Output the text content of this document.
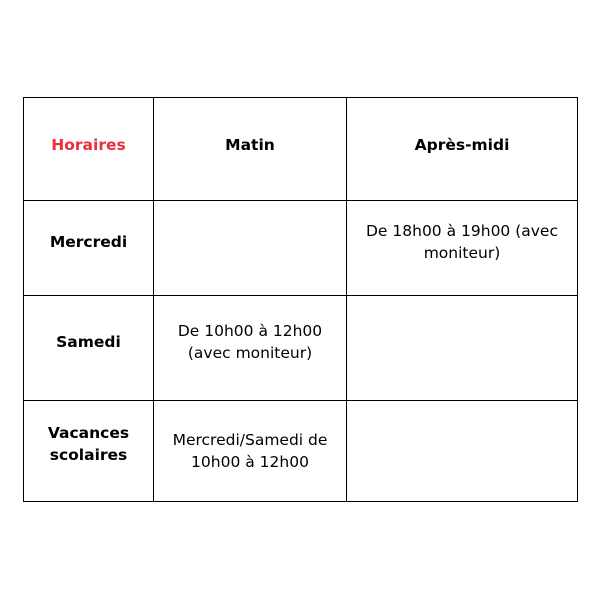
Horaires	Matin	Après-midi
Mercredi		De 18h00 à 19h00 (avec moniteur)
Samedi	De 10h00 à 12h00 (avec moniteur)	
Vacances scolaires	Mercredi/Samedi de 10h00 à 12h00	
